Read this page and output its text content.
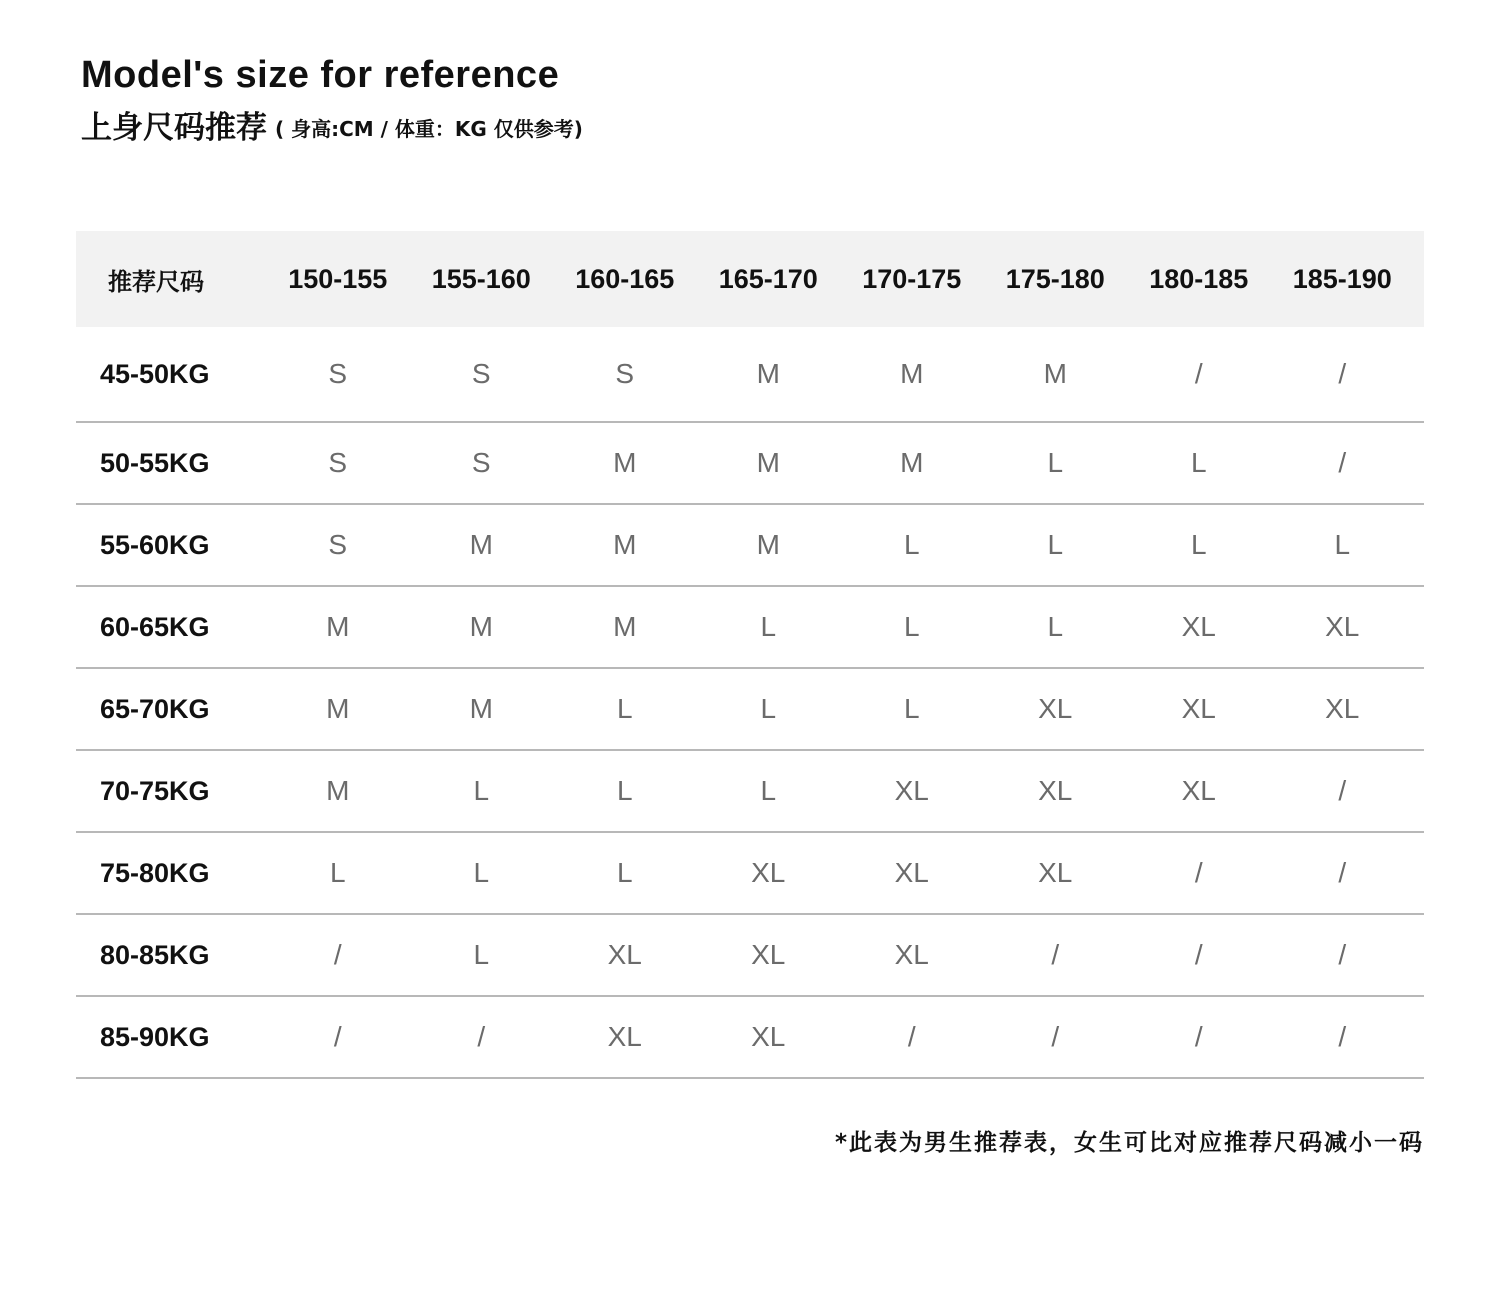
Model's size for reference
上身尺码推荐 ( 身高:CM / 体重：KG 仅供参考)
推荐尺码	150-155	155-160	160-165	165-170	170-175	175-180	180-185	185-190
45-50KG	S	S	S	M	M	M	/	/
50-55KG	S	S	M	M	M	L	L	/
55-60KG	S	M	M	M	L	L	L	L
60-65KG	M	M	M	L	L	L	XL	XL
65-70KG	M	M	L	L	L	XL	XL	XL
70-75KG	M	L	L	L	XL	XL	XL	/
75-80KG	L	L	L	XL	XL	XL	/	/
80-85KG	/	L	XL	XL	XL	/	/	/
85-90KG	/	/	XL	XL	/	/	/	/
*此表为男生推荐表，女生可比对应推荐尺码减小一码
